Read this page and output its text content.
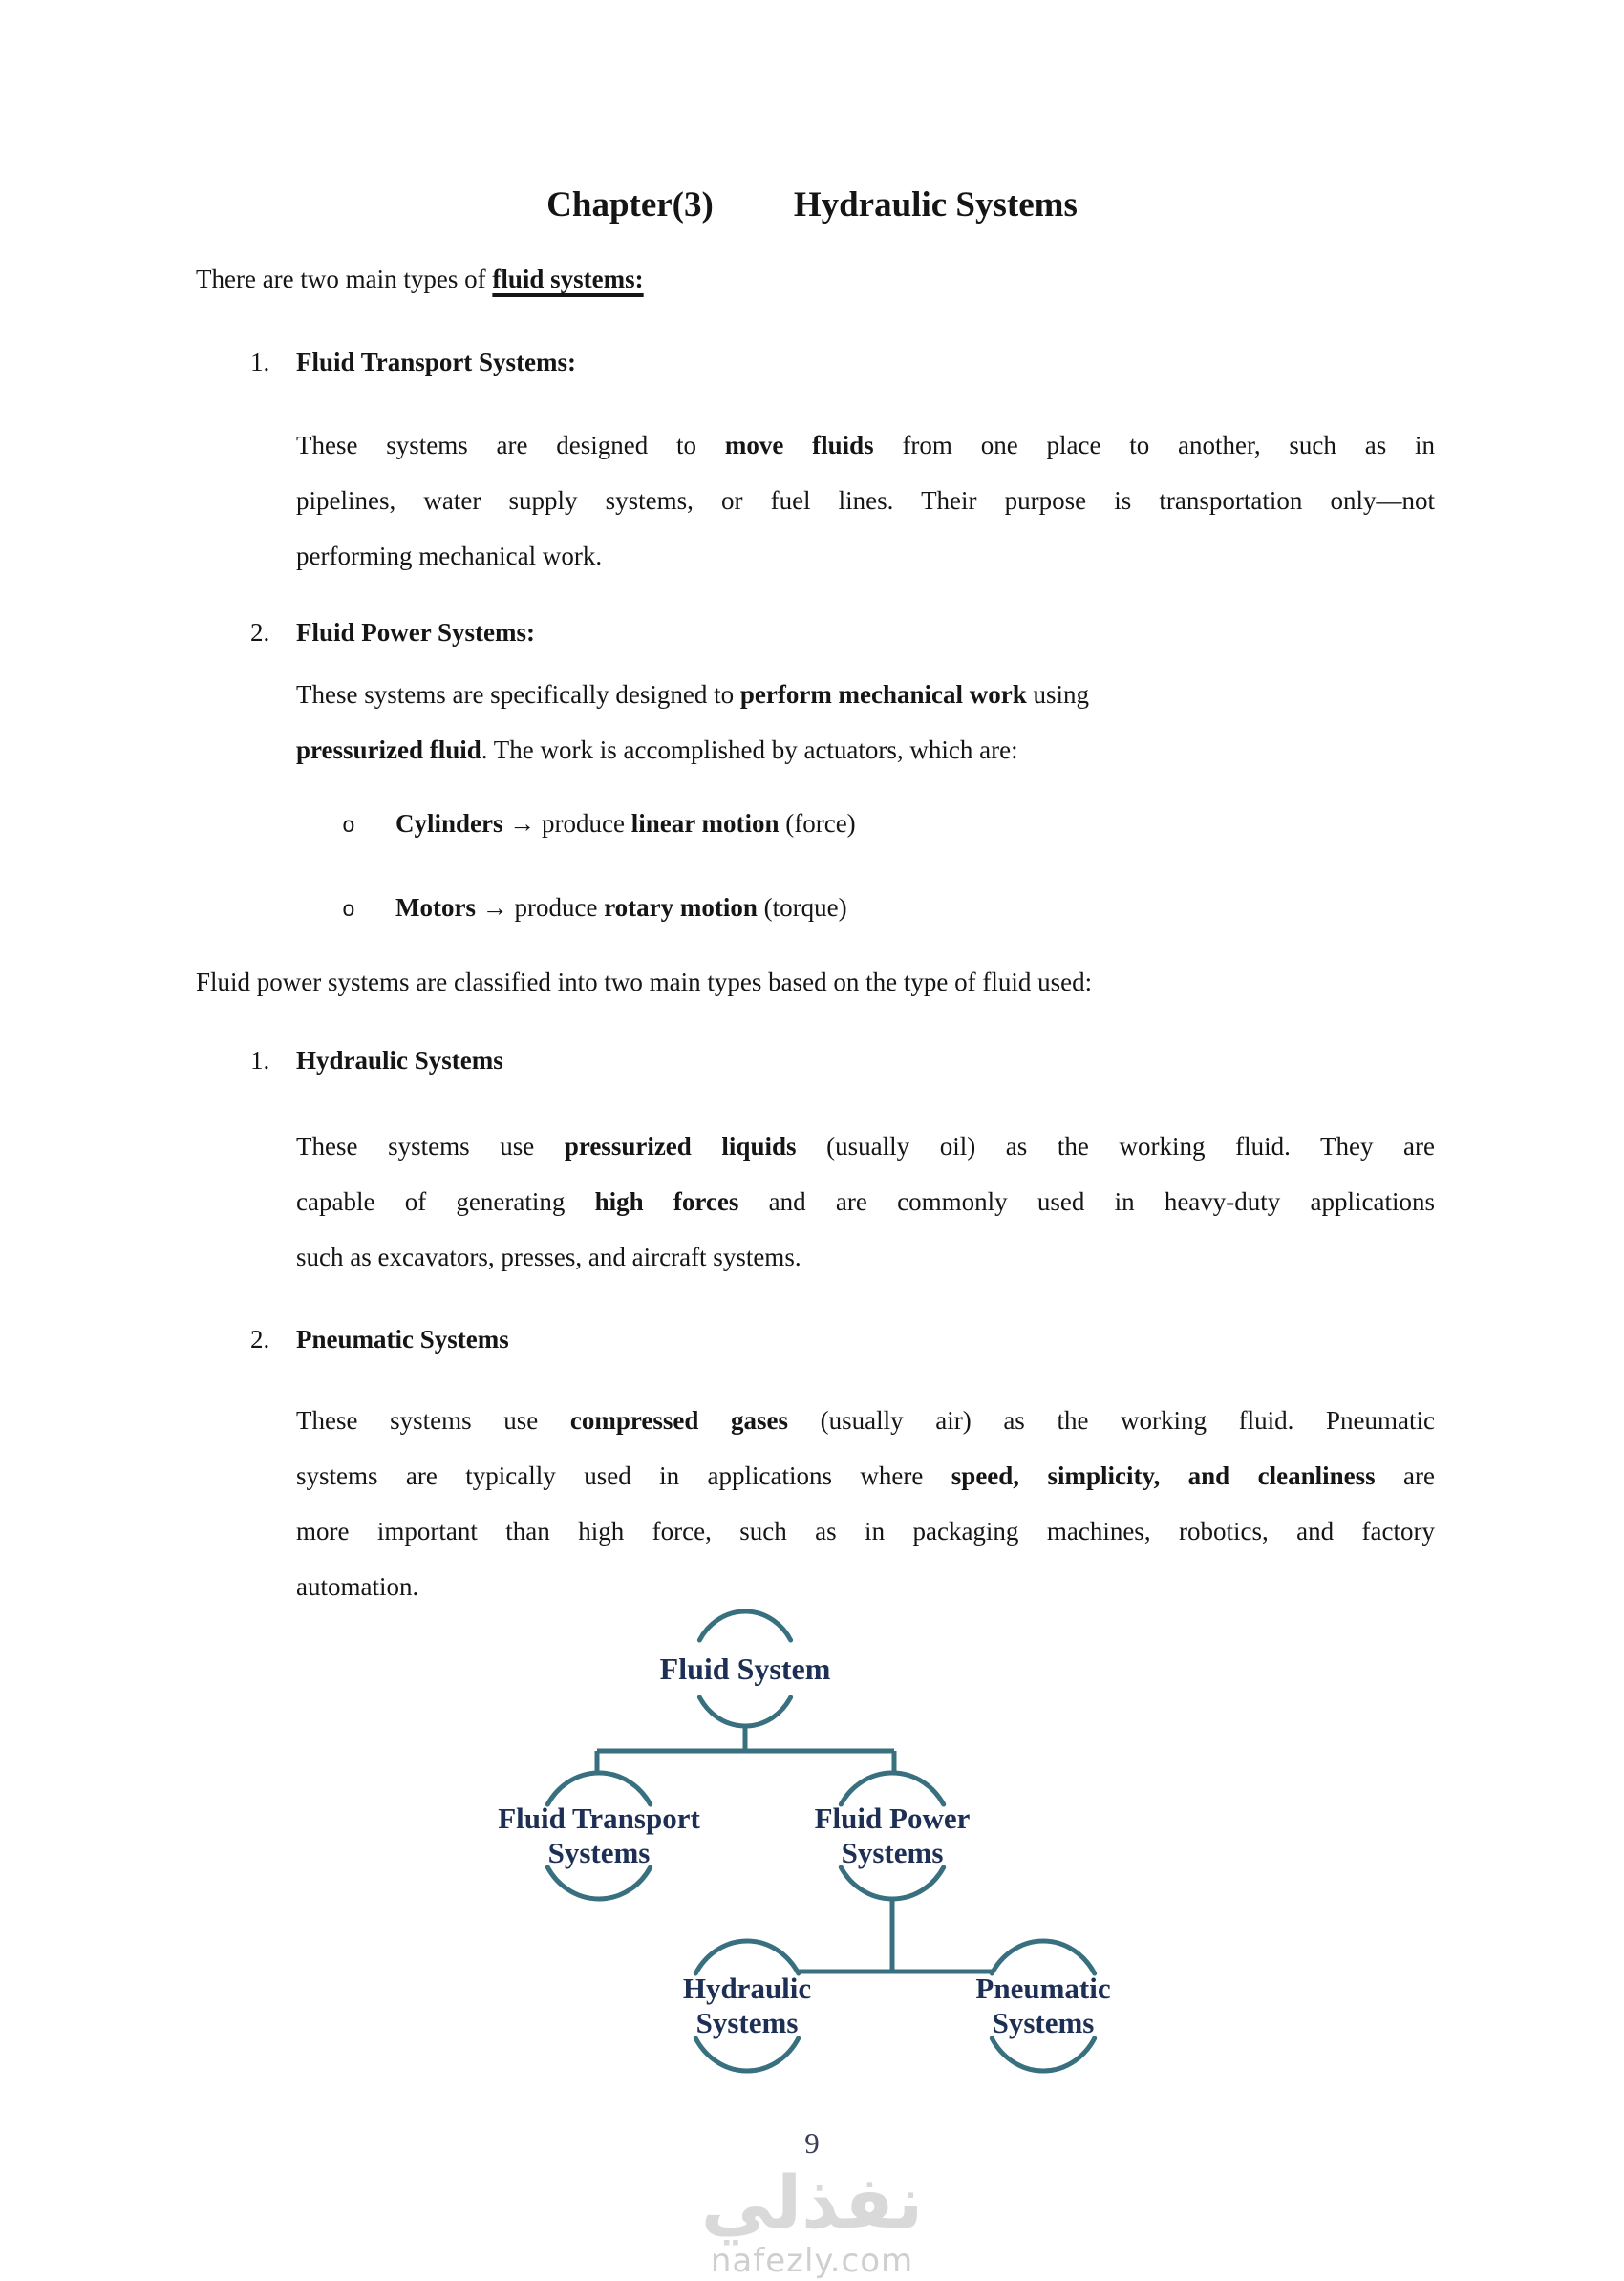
Chapter(3) Hydraulic Systems
There are two main types of fluid systems:
1. Fluid Transport Systems:
These systems are designed to move fluids from one place to another, such as in
pipelines, water supply systems, or fuel lines. Their purpose is transportation only—not
performing mechanical work.
2. Fluid Power Systems:
These systems are specifically designed to perform mechanical work using
pressurized fluid. The work is accomplished by actuators, which are:
1. Hydraulic Systems
These systems use pressurized liquids (usually oil) as the working fluid. They are
capable of generating high forces and are commonly used in heavy-duty applications
such as excavators, presses, and aircraft systems.
2. Pneumatic Systems
These systems use compressed gases (usually air) as the working fluid. Pneumatic
systems are typically used in applications where speed, simplicity, and cleanliness are
more important than high force, such as in packaging machines, robotics, and factory
automation.
o Cylinders → produce linear motion (force)
o Motors → produce rotary motion (torque)
Fluid power systems are classified into two main types based on the type of fluid used:
Fluid System
Fluid Transport
Systems
Fluid Power
Systems
Hydraulic
Systems
Pneumatic
Systems
9
نفذلي
nafezly.com
